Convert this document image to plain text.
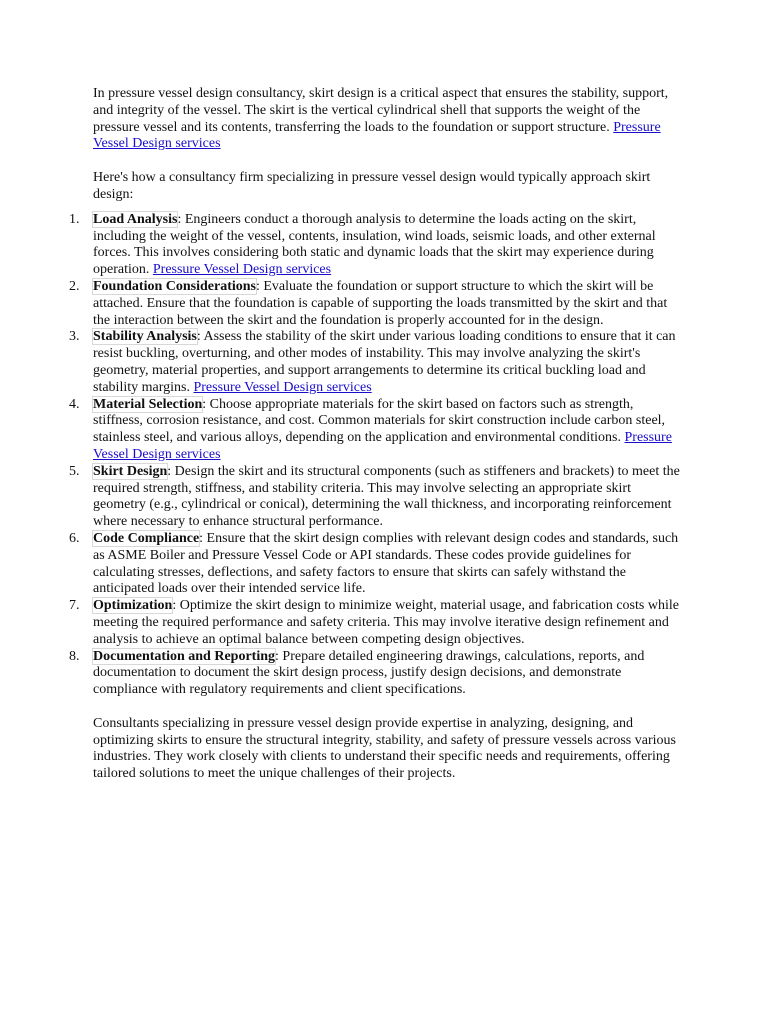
In pressure vessel design consultancy, skirt design is a critical aspect that ensures the stability, support, and integrity of the vessel. The skirt is the vertical cylindrical shell that supports the weight of the pressure vessel and its contents, transferring the loads to the foundation or support structure. Pressure Vessel Design services

Here's how a consultancy firm specializing in pressure vessel design would typically approach skirt design:

1. Load Analysis: Engineers conduct a thorough analysis to determine the loads acting on the skirt, including the weight of the vessel, contents, insulation, wind loads, seismic loads, and other external forces. This involves considering both static and dynamic loads that the skirt may experience during operation. Pressure Vessel Design services
2. Foundation Considerations: Evaluate the foundation or support structure to which the skirt will be attached. Ensure that the foundation is capable of supporting the loads transmitted by the skirt and that the interaction between the skirt and the foundation is properly accounted for in the design.
3. Stability Analysis: Assess the stability of the skirt under various loading conditions to ensure that it can resist buckling, overturning, and other modes of instability. This may involve analyzing the skirt's geometry, material properties, and support arrangements to determine its critical buckling load and stability margins. Pressure Vessel Design services
4. Material Selection: Choose appropriate materials for the skirt based on factors such as strength, stiffness, corrosion resistance, and cost. Common materials for skirt construction include carbon steel, stainless steel, and various alloys, depending on the application and environmental conditions. Pressure Vessel Design services
5. Skirt Design: Design the skirt and its structural components (such as stiffeners and brackets) to meet the required strength, stiffness, and stability criteria. This may involve selecting an appropriate skirt geometry (e.g., cylindrical or conical), determining the wall thickness, and incorporating reinforcement where necessary to enhance structural performance.
6. Code Compliance: Ensure that the skirt design complies with relevant design codes and standards, such as ASME Boiler and Pressure Vessel Code or API standards. These codes provide guidelines for calculating stresses, deflections, and safety factors to ensure that skirts can safely withstand the anticipated loads over their intended service life.
7. Optimization: Optimize the skirt design to minimize weight, material usage, and fabrication costs while meeting the required performance and safety criteria. This may involve iterative design refinement and analysis to achieve an optimal balance between competing design objectives.
8. Documentation and Reporting: Prepare detailed engineering drawings, calculations, reports, and documentation to document the skirt design process, justify design decisions, and demonstrate compliance with regulatory requirements and client specifications.

Consultants specializing in pressure vessel design provide expertise in analyzing, designing, and optimizing skirts to ensure the structural integrity, stability, and safety of pressure vessels across various industries. They work closely with clients to understand their specific needs and requirements, offering tailored solutions to meet the unique challenges of their projects.
